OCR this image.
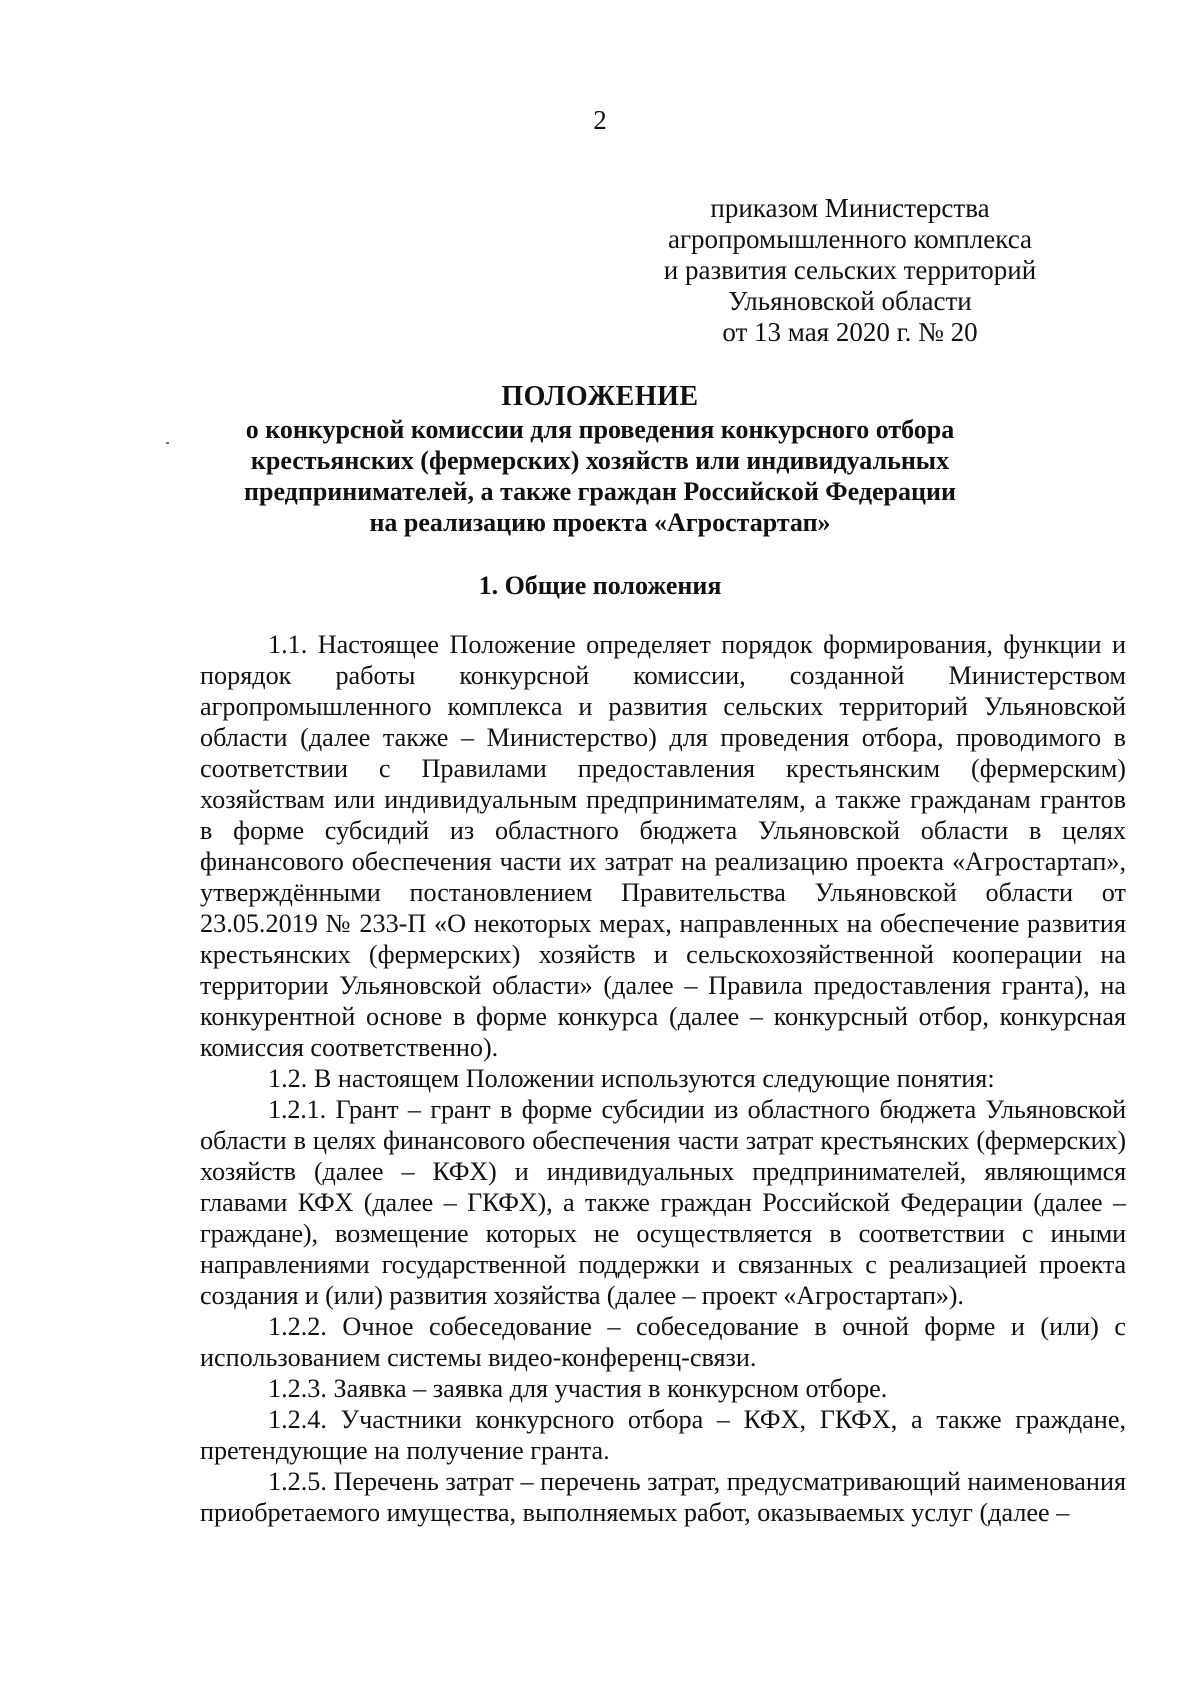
2
приказом Министерства
агропромышленного комплекса
и развития сельских территорий
Ульяновской области
от 13 мая 2020 г. № 20
ПОЛОЖЕНИЕ
о конкурсной комиссии для проведения конкурсного отбора
крестьянских (фермерских) хозяйств или индивидуальных
предпринимателей, а также граждан Российской Федерации
на реализацию проекта «Агростартап»
1. Общие положения

1.1. Настоящее Положение определяет порядок формирования, функции и порядок работы конкурсной комиссии, созданной Министерством агропромышленного комплекса и развития сельских территорий Ульяновской области (далее также – Министерство) для проведения отбора, проводимого в соответствии с Правилами предоставления крестьянским (фермерским) хозяйствам или индивидуальным предпринимателям, а также гражданам грантов в форме субсидий из областного бюджета Ульяновской области в целях финансового обеспечения части их затрат на реализацию проекта «Агростартап», утверждёнными постановлением Правительства Ульяновской области от 23.05.2019 № 233-П «О некоторых мерах, направленных на обеспечение развития крестьянских (фермерских) хозяйств и сельскохозяйственной кооперации на территории Ульяновской области» (далее – Правила предоставления гранта), на конкурентной основе в форме конкурса (далее – конкурсный отбор, конкурсная комиссия соответственно).

1.2. В настоящем Положении используются следующие понятия:

1.2.1. Грант – грант в форме субсидии из областного бюджета Ульяновской области в целях финансового обеспечения части затрат крестьянских (фермерских) хозяйств (далее – КФХ) и индивидуальных предпринимателей, являющимся главами КФХ (далее – ГКФХ), а также граждан Российской Федерации (далее – граждане), возмещение которых не осуществляется в соответствии с иными направлениями государственной поддержки и связанных с реализацией проекта создания и (или) развития хозяйства (далее – проект «Агростартап»).

1.2.2. Очное собеседование – собеседование в очной форме и (или) с использованием системы видео-конференц-связи.

1.2.3. Заявка – заявка для участия в конкурсном отборе.

1.2.4. Участники конкурсного отбора – КФХ, ГКФХ, а также граждане, претендующие на получение гранта.

1.2.5. Перечень затрат – перечень затрат, предусматривающий наименования приобретаемого имущества, выполняемых работ, оказываемых услуг (далее –
